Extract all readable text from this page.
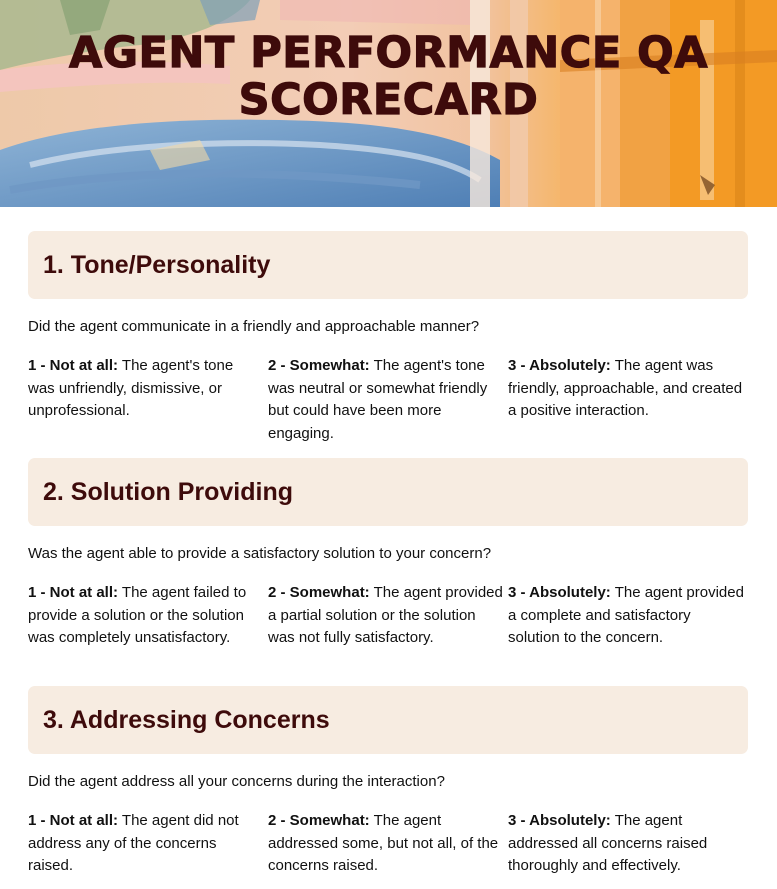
AGENT PERFORMANCE QA
SCORECARD
1. Tone/Personality
Did the agent communicate in a friendly and approachable manner?
1 - Not at all: The agent's tone was unfriendly, dismissive, or unprofessional.
2 - Somewhat: The agent's tone was neutral or somewhat friendly but could have been more engaging.
3 - Absolutely: The agent was friendly, approachable, and created a positive interaction.
2. Solution Providing
Was the agent able to provide a satisfactory solution to your concern?
1 - Not at all: The agent failed to provide a solution or the solution was completely unsatisfactory.
2 - Somewhat: The agent provided a partial solution or the solution was not fully satisfactory.
3 - Absolutely: The agent provided a complete and satisfactory solution to the concern.
3. Addressing Concerns
Did the agent address all your concerns during the interaction?
1 - Not at all: The agent did not address any of the concerns raised.
2 - Somewhat: The agent addressed some, but not all, of the concerns raised.
3 - Absolutely: The agent addressed all concerns raised thoroughly and effectively.
